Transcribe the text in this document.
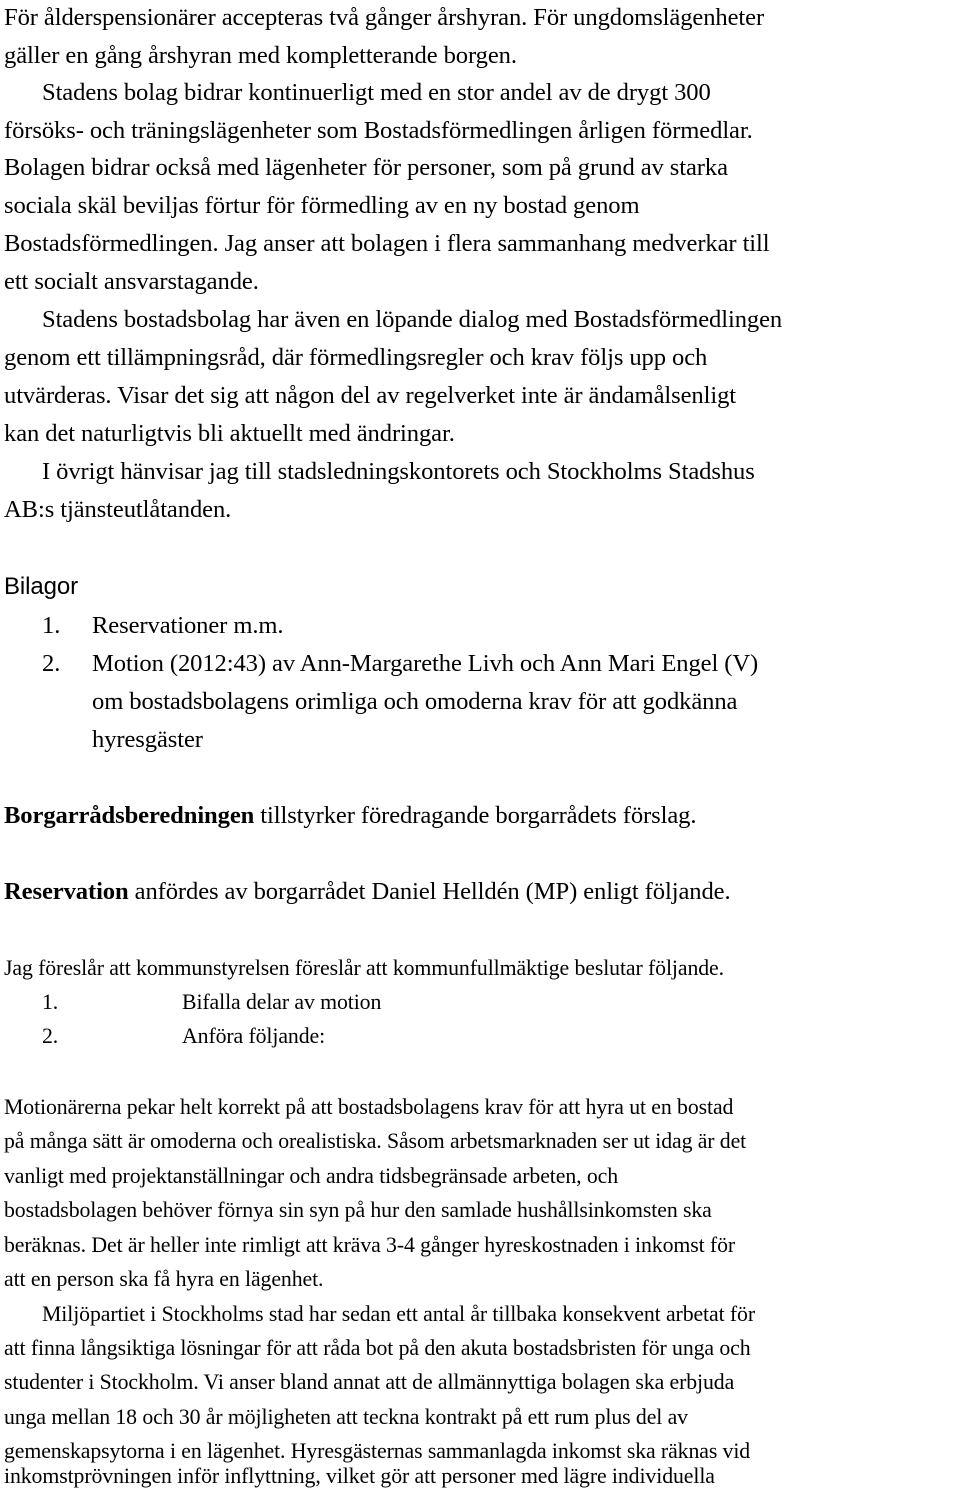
För ålderspensionärer accepteras två gånger årshyran. För ungdomslägenheter
gäller en gång årshyran med kompletterande borgen.
Stadens bolag bidrar kontinuerligt med en stor andel av de drygt 300
försöks- och träningslägenheter som Bostadsförmedlingen årligen förmedlar.
Bolagen bidrar också med lägenheter för personer, som på grund av starka
sociala skäl beviljas förtur för förmedling av en ny bostad genom
Bostadsförmedlingen. Jag anser att bolagen i flera sammanhang medverkar till
ett socialt ansvarstagande.
Stadens bostadsbolag har även en löpande dialog med Bostadsförmedlingen
genom ett tillämpningsråd, där förmedlingsregler och krav följs upp och
utvärderas. Visar det sig att någon del av regelverket inte är ändamålsenligt
kan det naturligtvis bli aktuellt med ändringar.
I övrigt hänvisar jag till stadsledningskontorets och Stockholms Stadshus
AB:s tjänsteutlåtanden.
Bilagor
1. Reservationer m.m.
2. Motion (2012:43) av Ann-Margarethe Livh och Ann Mari Engel (V)
om bostadsbolagens orimliga och omoderna krav för att godkänna
hyresgäster
Borgarrådsberedningen tillstyrker föredragande borgarrådets förslag.
Reservation anfördes av borgarrådet Daniel Helldén (MP) enligt följande.
Jag föreslår att kommunstyrelsen föreslår att kommunfullmäktige beslutar följande.
1.	Bifalla delar av motion
2.	Anföra följande:
Motionärerna pekar helt korrekt på att bostadsbolagens krav för att hyra ut en bostad
på många sätt är omoderna och orealistiska. Såsom arbetsmarknaden ser ut idag är det
vanligt med projektanställningar och andra tidsbegränsade arbeten, och
bostadsbolagen behöver förnya sin syn på hur den samlade hushållsinkomsten ska
beräknas. Det är heller inte rimligt att kräva 3-4 gånger hyreskostnaden i inkomst för
att en person ska få hyra en lägenhet.
Miljöpartiet i Stockholms stad har sedan ett antal år tillbaka konsekvent arbetat för
att finna långsiktiga lösningar för att råda bot på den akuta bostadsbristen för unga och
studenter i Stockholm. Vi anser bland annat att de allmännyttiga bolagen ska erbjuda
unga mellan 18 och 30 år möjligheten att teckna kontrakt på ett rum plus del av
gemenskapsytorna i en lägenhet. Hyresgästernas sammanlagda inkomst ska räknas vid
inkomstprövningen inför inflyttning, vilket gör att personer med lägre individuella
